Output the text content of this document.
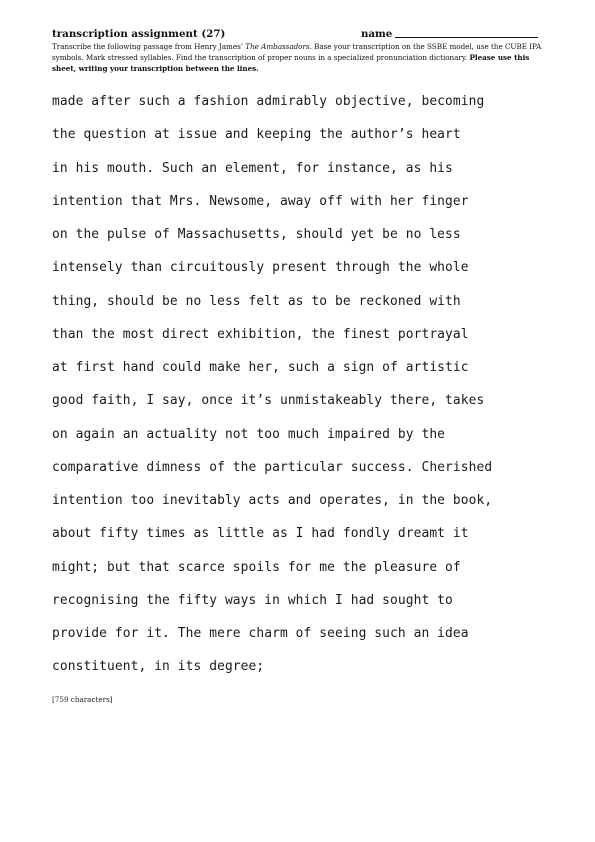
transcription assignment (27)	name
Transcribe the following passage from Henry James’ The Ambassadors. Base your transcription on the SSBE model, use the CUBE IPA symbols. Mark stressed syllables. Find the transcription of proper nouns in a specialized pronunciation dictionary. Please use this sheet, writing your transcription between the lines.
made after such a fashion admirably objective, becoming
the question at issue and keeping the author’s heart
in his mouth. Such an element, for instance, as his
intention that Mrs. Newsome, away off with her finger
on the pulse of Massachusetts, should yet be no less
intensely than circuitously present through the whole
thing, should be no less felt as to be reckoned with
than the most direct exhibition, the finest portrayal
at first hand could make her, such a sign of artistic
good faith, I say, once it’s unmistakeably there, takes
on again an actuality not too much impaired by the
comparative dimness of the particular success. Cherished
intention too inevitably acts and operates, in the book,
about fifty times as little as I had fondly dreamt it
might; but that scarce spoils for me the pleasure of
recognising the fifty ways in which I had sought to
provide for it. The mere charm of seeing such an idea
constituent, in its degree;
[759 characters]
